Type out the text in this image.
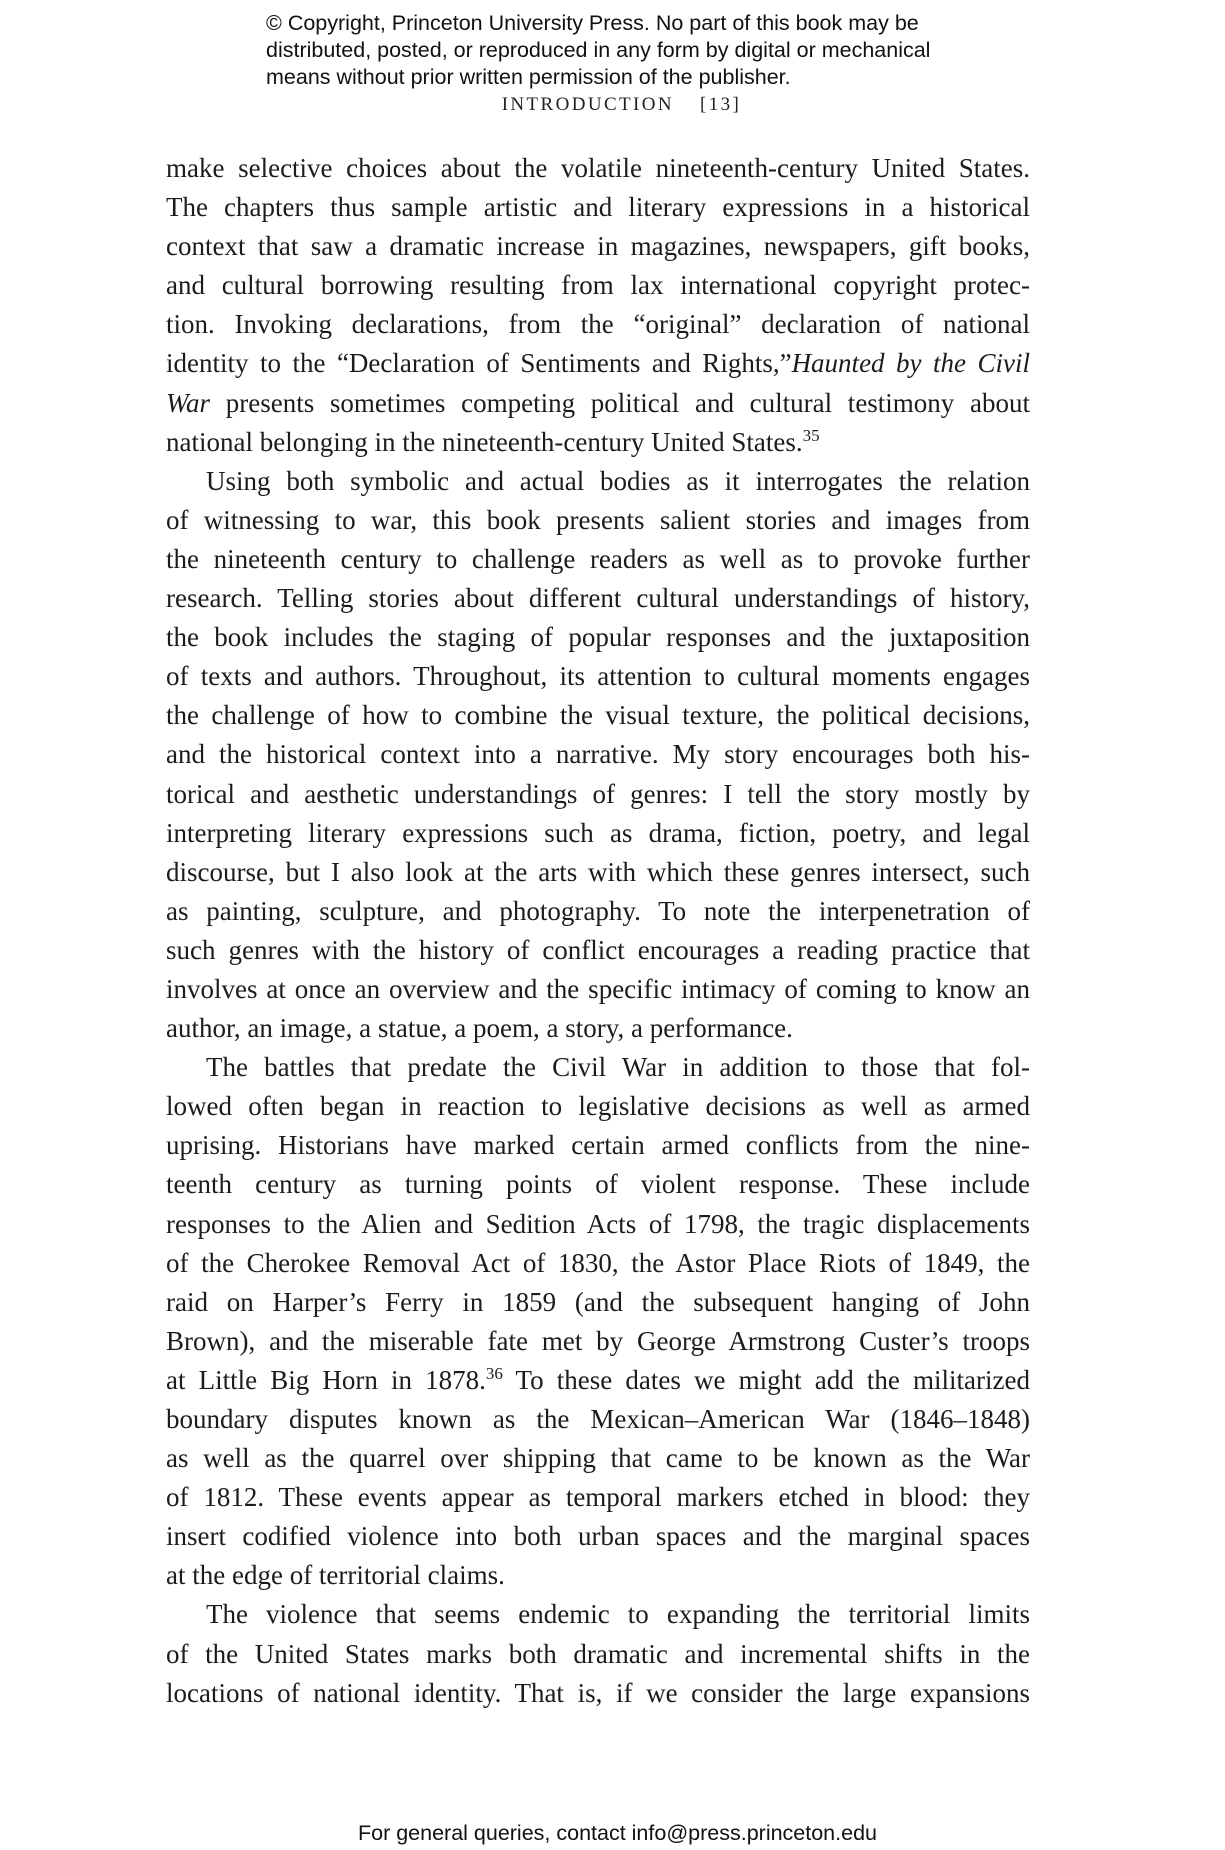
© Copyright, Princeton University Press. No part of this book may be
distributed, posted, or reproduced in any form by digital or mechanical
means without prior written permission of the publisher.
INTRODUCTION [13]
make selective choices about the volatile nineteenth-century United States.
The chapters thus sample artistic and literary expressions in a historical
context that saw a dramatic increase in magazines, newspapers, gift books,
and cultural borrowing resulting from lax international copyright protec-
tion. Invoking declarations, from the “original” declaration of national
identity to the “Declaration of Sentiments and Rights,”Haunted by the Civil
War presents sometimes competing political and cultural testimony about
national belonging in the nineteenth-century United States.$^{35}$
Using both symbolic and actual bodies as it interrogates the relation
of witnessing to war, this book presents salient stories and images from
the nineteenth century to challenge readers as well as to provoke further
research. Telling stories about different cultural understandings of history,
the book includes the staging of popular responses and the juxtaposition
of texts and authors. Throughout, its attention to cultural moments engages
the challenge of how to combine the visual texture, the political decisions,
and the historical context into a narrative. My story encourages both his-
torical and aesthetic understandings of genres: I tell the story mostly by
interpreting literary expressions such as drama, fiction, poetry, and legal
discourse, but I also look at the arts with which these genres intersect, such
as painting, sculpture, and photography. To note the interpenetration of
such genres with the history of conflict encourages a reading practice that
involves at once an overview and the specific intimacy of coming to know an
author, an image, a statue, a poem, a story, a performance.
The battles that predate the Civil War in addition to those that fol-
lowed often began in reaction to legislative decisions as well as armed
uprising. Historians have marked certain armed conflicts from the nine-
teenth century as turning points of violent response. These include
responses to the Alien and Sedition Acts of 1798, the tragic displacements
of the Cherokee Removal Act of 1830, the Astor Place Riots of 1849, the
raid on Harper’s Ferry in 1859 (and the subsequent hanging of John
Brown), and the miserable fate met by George Armstrong Custer’s troops
at Little Big Horn in 1878.36 To these dates we might add the militarized
boundary disputes known as the Mexican–American War (1846–1848)
as well as the quarrel over shipping that came to be known as the War
of 1812. These events appear as temporal markers etched in blood: they
insert codified violence into both urban spaces and the marginal spaces
at the edge of territorial claims.
The violence that seems endemic to expanding the territorial limits
of the United States marks both dramatic and incremental shifts in the
locations of national identity. That is, if we consider the large expansions
For general queries, contact info@press.princeton.edu
